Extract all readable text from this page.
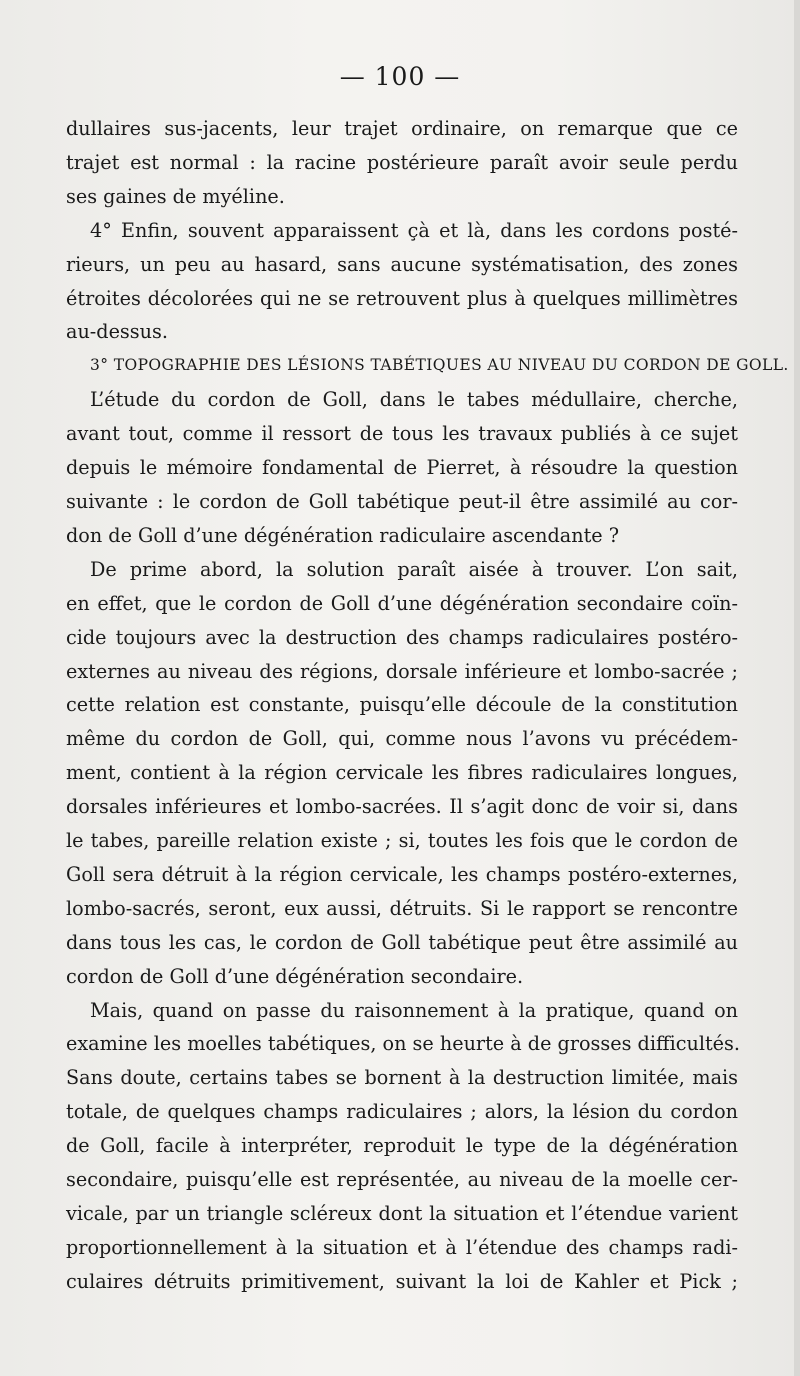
— 100 —
dullaires sus-jacents, leur trajet ordinaire, on remarque que ce
trajet est normal : la racine postérieure paraît avoir seule perdu
ses gaines de myéline.
4° Enfin, souvent apparaissent çà et là, dans les cordons posté-
rieurs, un peu au hasard, sans aucune systématisation, des zones
étroites décolorées qui ne se retrouvent plus à quelques millimètres
au-dessus.
3° TOPOGRAPHIE DES LÉSIONS TABÉTIQUES AU NIVEAU DU CORDON DE GOLL.
L’étude du cordon de Goll, dans le tabes médullaire, cherche,
avant tout, comme il ressort de tous les travaux publiés à ce sujet
depuis le mémoire fondamental de Pierret, à résoudre la question
suivante : le cordon de Goll tabétique peut-il être assimilé au cor-
don de Goll d’une dégénération radiculaire ascendante ?
De prime abord, la solution paraît aisée à trouver. L’on sait,
en effet, que le cordon de Goll d’une dégénération secondaire coïn-
cide toujours avec la destruction des champs radiculaires postéro-
externes au niveau des régions, dorsale inférieure et lombo-sacrée ;
cette relation est constante, puisqu’elle découle de la constitution
même du cordon de Goll, qui, comme nous l’avons vu précédem-
ment, contient à la région cervicale les fibres radiculaires longues,
dorsales inférieures et lombo-sacrées. Il s’agit donc de voir si, dans
le tabes, pareille relation existe ; si, toutes les fois que le cordon de
Goll sera détruit à la région cervicale, les champs postéro-externes,
lombo-sacrés, seront, eux aussi, détruits. Si le rapport se rencontre
dans tous les cas, le cordon de Goll tabétique peut être assimilé au
cordon de Goll d’une dégénération secondaire.
Mais, quand on passe du raisonnement à la pratique, quand on
examine les moelles tabétiques, on se heurte à de grosses difficultés.
Sans doute, certains tabes se bornent à la destruction limitée, mais
totale, de quelques champs radiculaires ; alors, la lésion du cordon
de Goll, facile à interpréter, reproduit le type de la dégénération
secondaire, puisqu’elle est représentée, au niveau de la moelle cer-
vicale, par un triangle scléreux dont la situation et l’étendue varient
proportionnellement à la situation et à l’étendue des champs radi-
culaires détruits primitivement, suivant la loi de Kahler et Pick ;
